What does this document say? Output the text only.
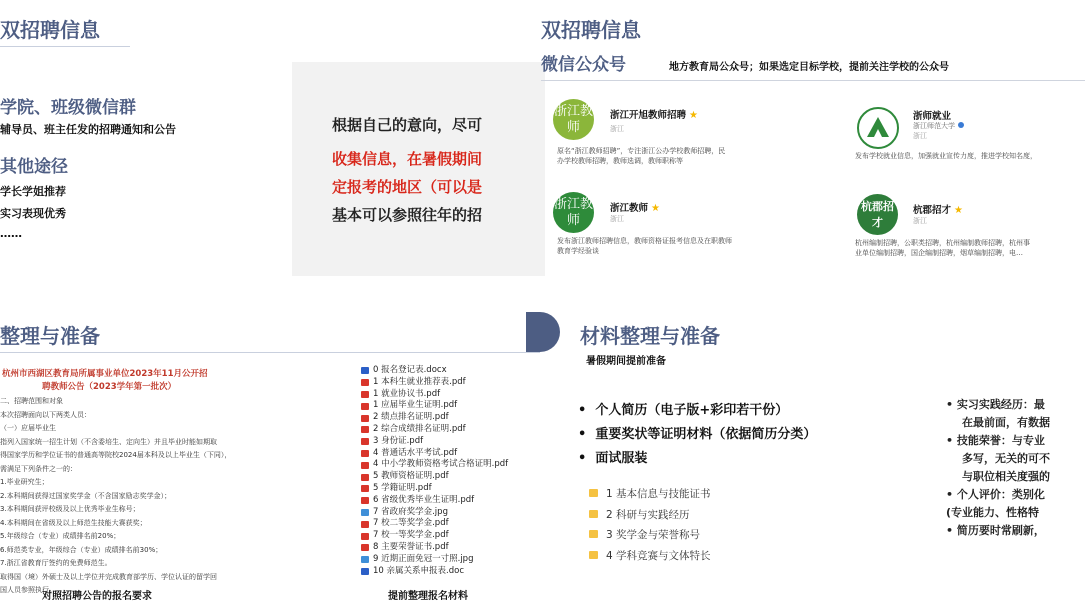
双招聘信息
学院、班级微信群
辅导员、班主任发的招聘通知和公告
其他途径
学长学姐推荐
实习表现优秀
……
根据自己的意向，尽可
收集信息，在暑假期间
定报考的地区（可以是
基本可以参照往年的招
双招聘信息
微信公众号	地方教育局公众号；如果选定目标学校，提前关注学校的公众号
浙江教师
浙江开旭教师招聘 ★
浙江
原名“浙江教师招聘”，专注浙江公办学校教师招聘，民
办学校教师招聘，教师选调，教师职称等
浙师就业
浙江师范大学
浙江
发布学校就业信息，加强就业宣传力度，推进学校知名度，
浙江教师
浙江教师 ★
浙江
发布浙江教师招聘信息，教师资格证报考信息及在职教师
教育学经验谈
杭郡招才
杭郡招才 ★
浙江
杭州编制招聘，公职类招聘，杭州编制教师招聘，杭州事
业单位编制招聘，国企编制招聘，烟草编制招聘，电…
整理与准备
杭州市西湖区教育局所属事业单位2023年11月公开招
聘教师公告（2023学年第一批次）
二、招聘范围和对象
本次招聘面向以下两类人员：
（一）应届毕业生
指列入国家统一招生计划（不含委培生、定向生）并且毕业时能如期取
得国家学历和学位证书的普通高等院校2024届本科及以上毕业生（下同），
需满足下列条件之一的：
1.毕业研究生；
2.本科期间获得过国家奖学金（不含国家励志奖学金）；
3.本科期间获评校级及以上优秀毕业生称号；
4.本科期间在省级及以上师范生技能大赛获奖；
5.年级综合（专业）成绩排名前20%；
6.师范类专业，年级综合（专业）成绩排名前30%；
7.浙江省教育厅签约的免费师范生。
取得国（境）外硕士及以上学位并完成教育部学历、学位认证的留学回
国人员参照执行。
对照招聘公告的报名要求
0 报名登记表.docx
1 本科生就业推荐表.pdf
1 就业协议书.pdf
1 应届毕业生证明.pdf
2 绩点排名证明.pdf
2 综合成绩排名证明.pdf
3 身份证.pdf
4 普通话水平考试.pdf
4 中小学教师资格考试合格证明.pdf
5 教师资格证明.pdf
5 学籍证明.pdf
6 省级优秀毕业生证明.pdf
7 省政府奖学金.jpg
7 校二等奖学金.pdf
7 校一等奖学金.pdf
8 主要荣誉证书.pdf
9 近期正面免冠一寸照.jpg
10 亲属关系申报表.doc
提前整理报名材料
材料整理与准备
暑假期间提前准备
•  个人简历（电子版+彩印若干份）
•  重要奖状等证明材料（依据简历分类）
•  面试服装
1 基本信息与技能证书
2 科研与实践经历
3 奖学金与荣誉称号
4 学科竞赛与文体特长
• 实习实践经历：最
在最前面，有数据
• 技能荣誉：与专业
多写，无关的可不
与职位相关度强的
• 个人评价：类别化
(专业能力、性格特
• 简历要时常刷新，
